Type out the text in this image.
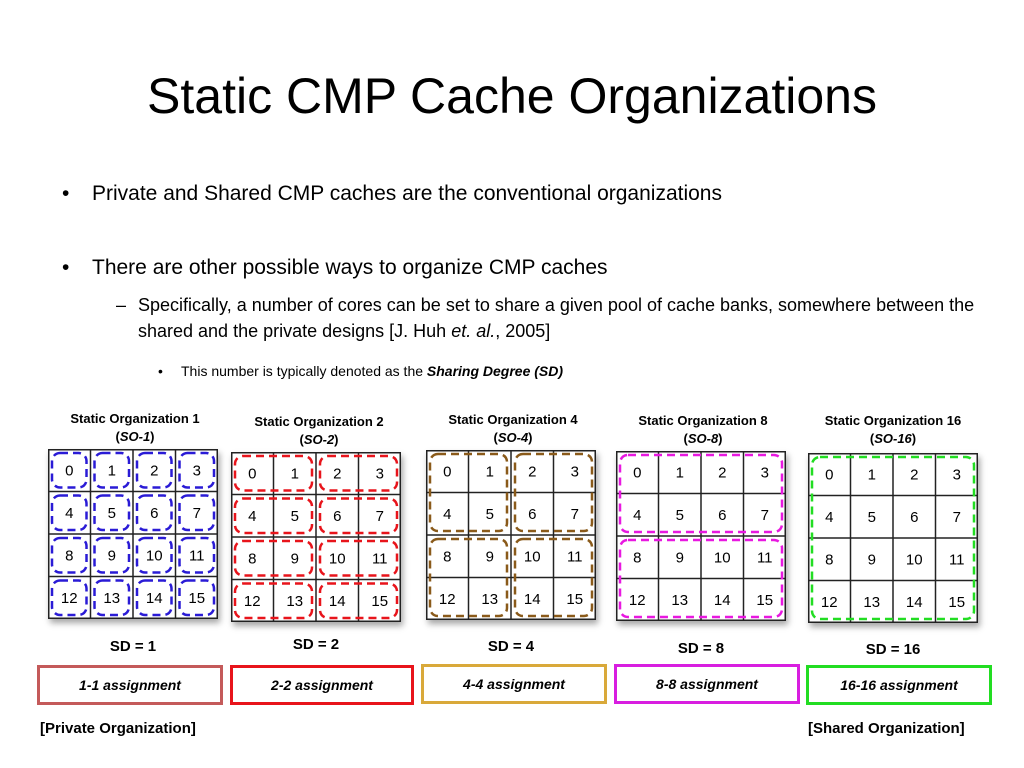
Static CMP Cache Organizations
• Private and Shared CMP caches are the conventional organizations
• There are other possible ways to organize CMP caches
– Specifically, a number of cores can be set to share a given pool of cache banks, somewhere between the shared and the private designs [J. Huh et. al., 2005]
• This number is typically denoted as the Sharing Degree (SD)
Static Organization 1
(SO-1)
0 1 2 3
4 5 6 7
8 9 10 11
12 13 14 15
SD = 1
1-1 assignment
Static Organization 2
(SO-2)
0 1 2 3
4 5 6 7
8 9 10 11
12 13 14 15
SD = 2
2-2 assignment
Static Organization 4
(SO-4)
0 1 2 3
4 5 6 7
8 9 10 11
12 13 14 15
SD = 4
4-4 assignment
Static Organization 8
(SO-8)
0 1 2 3
4 5 6 7
8 9 10 11
12 13 14 15
SD = 8
8-8 assignment
Static Organization 16
(SO-16)
0 1 2 3
4 5 6 7
8 9 10 11
12 13 14 15
SD = 16
16-16 assignment
[Private Organization]	[Shared Organization]
